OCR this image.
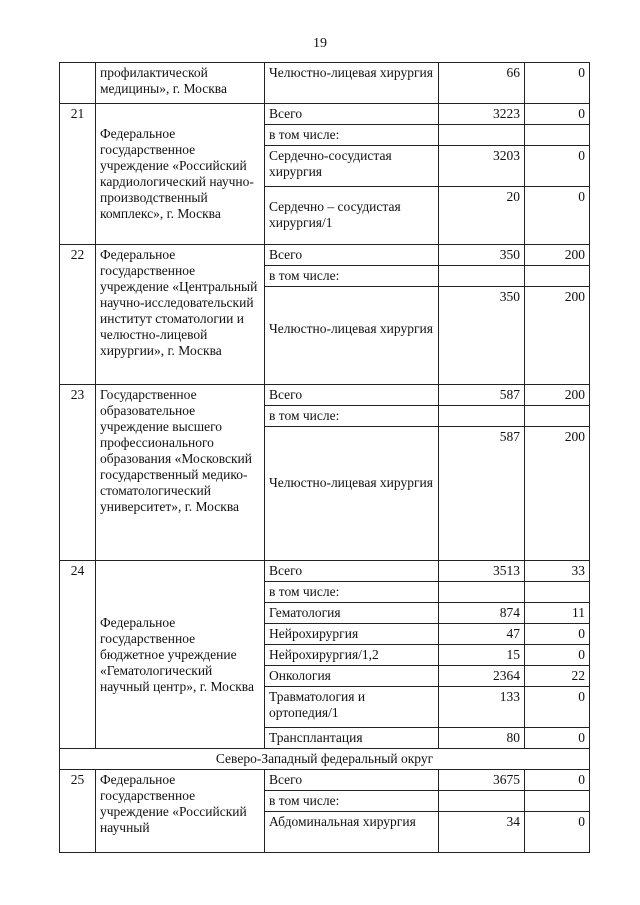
19
	профилактической медицины», г. Москва	Челюстно-лицевая хирургия	66	0
21	Федеральное государственное учреждение «Российский кардиологический научно-производственный комплекс», г. Москва	Всего	3223	0
		в том числе:		
		Сердечно-сосудистая хирургия	3203	0
		Сердечно – сосудистая хирургия/1	20	0
22	Федеральное государственное учреждение «Центральный научно-исследовательский институт стоматологии и челюстно-лицевой хирургии», г. Москва	Всего	350	200
		в том числе:		
		Челюстно-лицевая хирургия	350	200
23	Государственное образовательное учреждение высшего профессионального образования «Московский государственный медико-стоматологический университет», г. Москва	Всего	587	200
		в том числе:		
		Челюстно-лицевая хирургия	587	200
24	Федеральное государственное бюджетное учреждение «Гематологический научный центр», г. Москва	Всего	3513	33
		в том числе:		
		Гематология	874	11
		Нейрохирургия	47	0
		Нейрохирургия/1,2	15	0
		Онкология	2364	22
		Травматология и ортопедия/1	133	0
		Трансплантация	80	0
Северо-Западный федеральный округ				
25	Федеральное государственное учреждение «Российский научный	Всего	3675	0
		в том числе:		
		Абдоминальная хирургия	34	0
